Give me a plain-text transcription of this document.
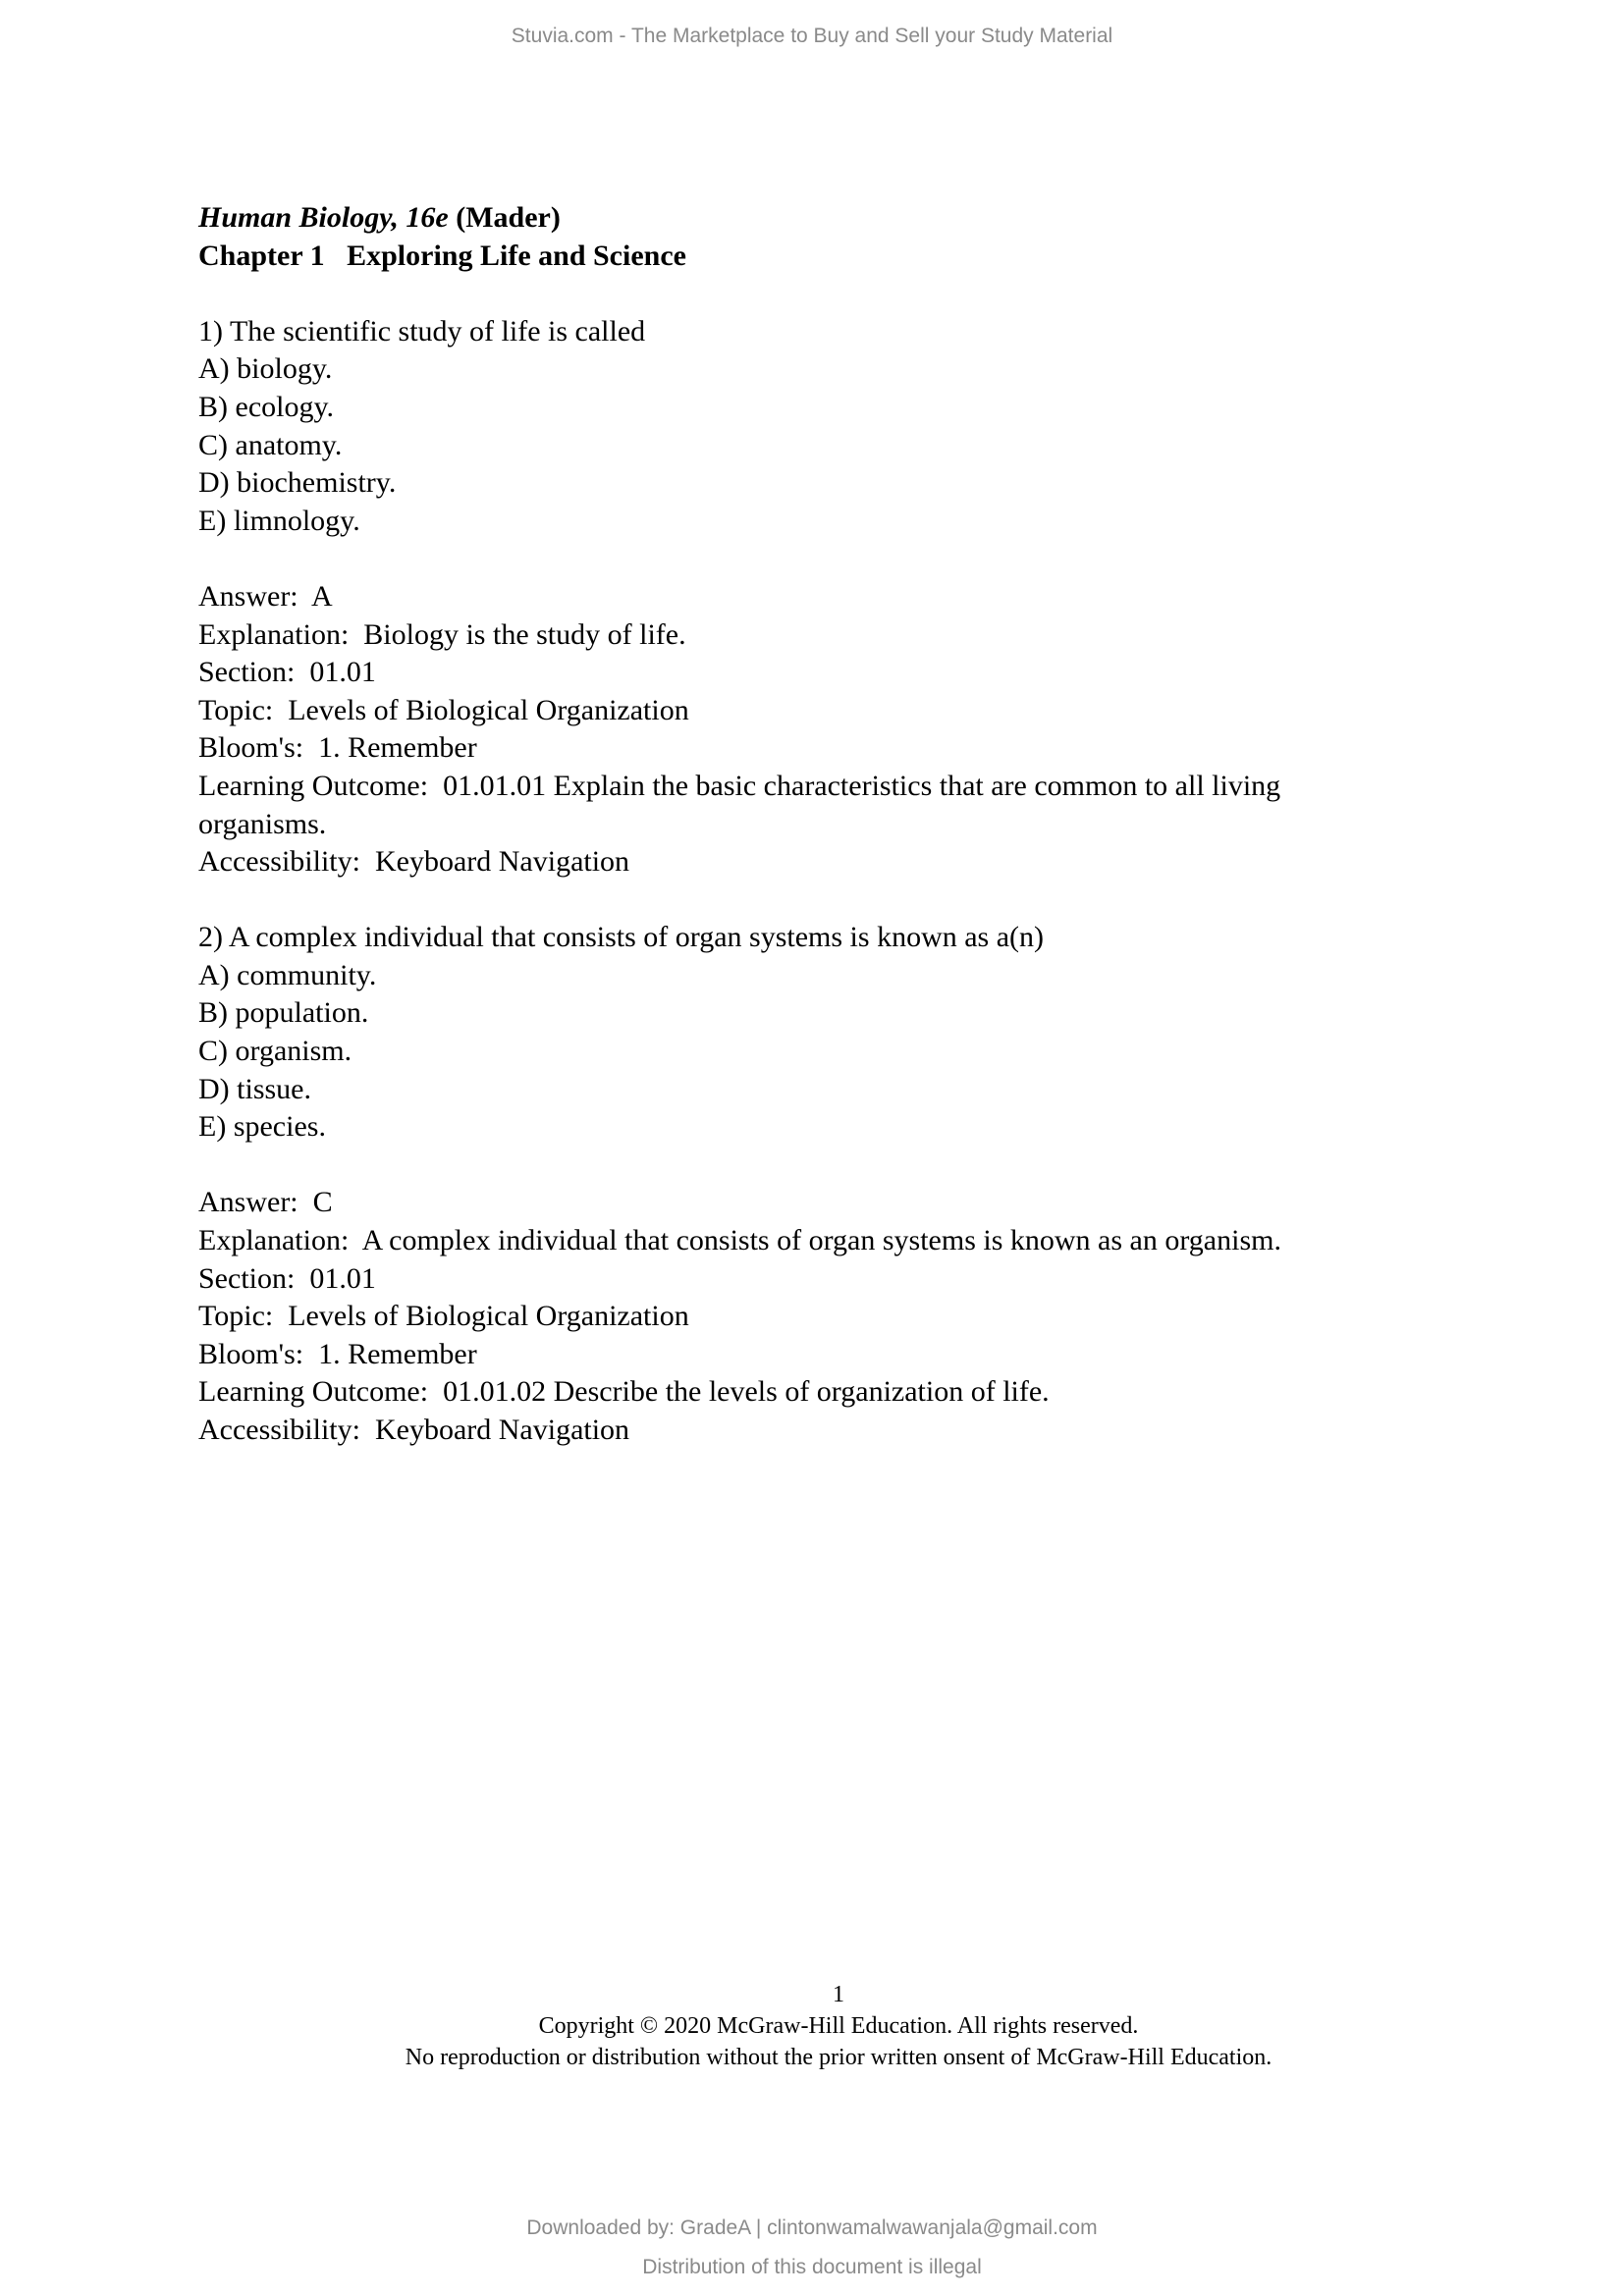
Stuvia.com - The Marketplace to Buy and Sell your Study Material
Human Biology, 16e (Mader)
Chapter 1   Exploring Life and Science
1) The scientific study of life is called
A) biology.
B) ecology.
C) anatomy.
D) biochemistry.
E) limnology.
Answer:  A
Explanation:  Biology is the study of life.
Section:  01.01
Topic:  Levels of Biological Organization
Bloom's:  1. Remember
Learning Outcome:  01.01.01 Explain the basic characteristics that are common to all living
organisms.
Accessibility:  Keyboard Navigation
2) A complex individual that consists of organ systems is known as a(n)
A) community.
B) population.
C) organism.
D) tissue.
E) species.
Answer:  C
Explanation:  A complex individual that consists of organ systems is known as an organism.
Section:  01.01
Topic:  Levels of Biological Organization
Bloom's:  1. Remember
Learning Outcome:  01.01.02 Describe the levels of organization of life.
Accessibility:  Keyboard Navigation
1
Copyright © 2020 McGraw-Hill Education. All rights reserved.
No reproduction or distribution without the prior written onsent of McGraw-Hill Education.
Downloaded by: GradeA | clintonwamalwawanjala@gmail.com
Distribution of this document is illegal
